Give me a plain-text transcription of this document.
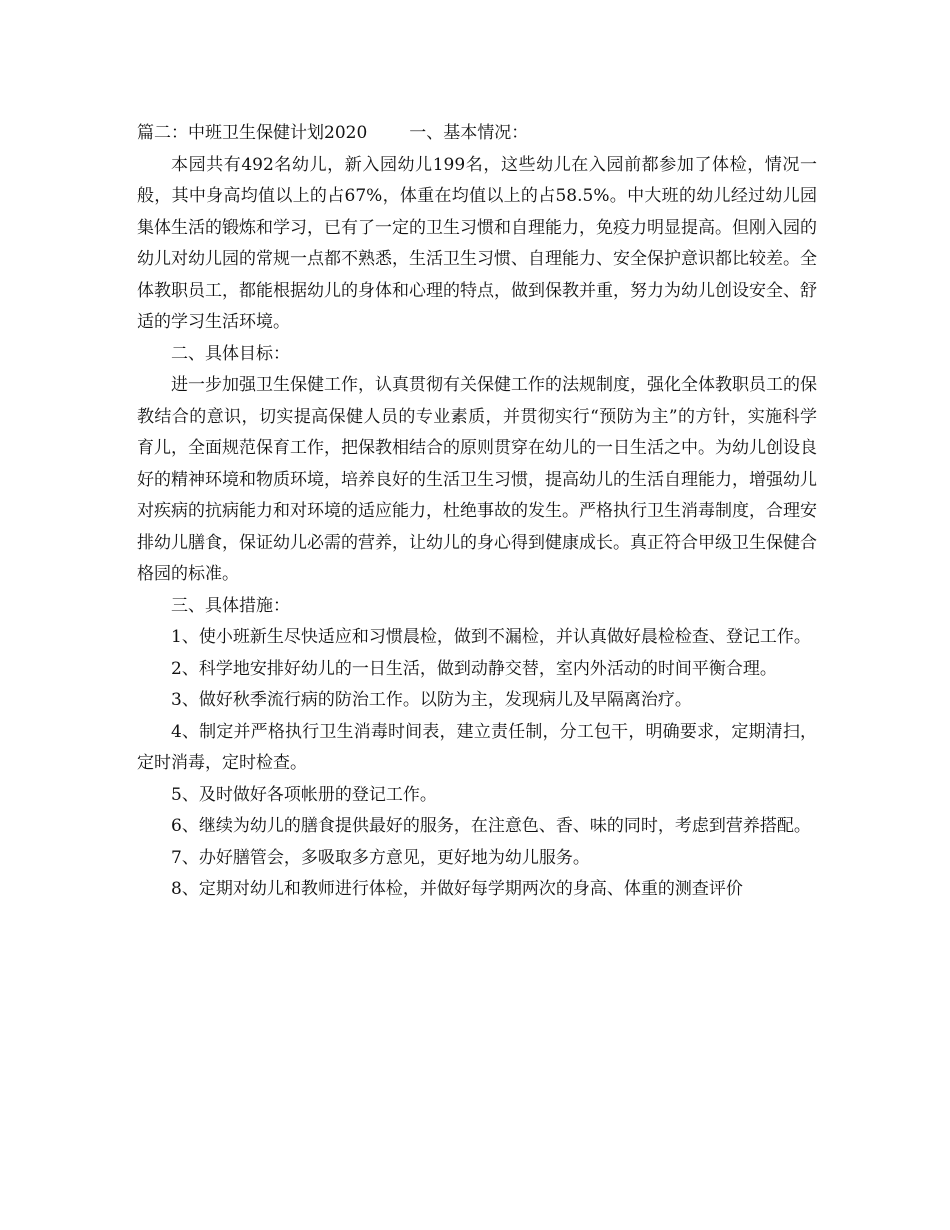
篇二：中班卫生保健计划2020 一、基本情况：

本园共有492名幼儿，新入园幼儿199名，这些幼儿在入园前都参加了体检，情况一般，其中身高均值以上的占67%，体重在均值以上的占58.5%。中大班的幼儿经过幼儿园集体生活的锻炼和学习，已有了一定的卫生习惯和自理能力，免疫力明显提高。但刚入园的幼儿对幼儿园的常规一点都不熟悉，生活卫生习惯、自理能力、安全保护意识都比较差。全体教职员工，都能根据幼儿的身体和心理的特点，做到保教并重，努力为幼儿创设安全、舒适的学习生活环境。

二、具体目标：

进一步加强卫生保健工作，认真贯彻有关保健工作的法规制度，强化全体教职员工的保教结合的意识，切实提高保健人员的专业素质，并贯彻实行“预防为主”的方针，实施科学育儿，全面规范保育工作，把保教相结合的原则贯穿在幼儿的一日生活之中。为幼儿创设良好的精神环境和物质环境，培养良好的生活卫生习惯，提高幼儿的生活自理能力，增强幼儿对疾病的抗病能力和对环境的适应能力，杜绝事故的发生。严格执行卫生消毒制度，合理安排幼儿膳食，保证幼儿必需的营养，让幼儿的身心得到健康成长。真正符合甲级卫生保健合格园的标准。

三、具体措施：

1、使小班新生尽快适应和习惯晨检，做到不漏检，并认真做好晨检检查、登记工作。

2、科学地安排好幼儿的一日生活，做到动静交替，室内外活动的时间平衡合理。

3、做好秋季流行病的防治工作。以防为主，发现病儿及早隔离治疗。

4、制定并严格执行卫生消毒时间表，建立责任制，分工包干，明确要求，定期清扫，定时消毒，定时检查。

5、及时做好各项帐册的登记工作。

6、继续为幼儿的膳食提供最好的服务，在注意色、香、味的同时，考虑到营养搭配。

7、办好膳管会，多吸取多方意见，更好地为幼儿服务。

8、定期对幼儿和教师进行体检，并做好每学期两次的身高、体重的测查评价
